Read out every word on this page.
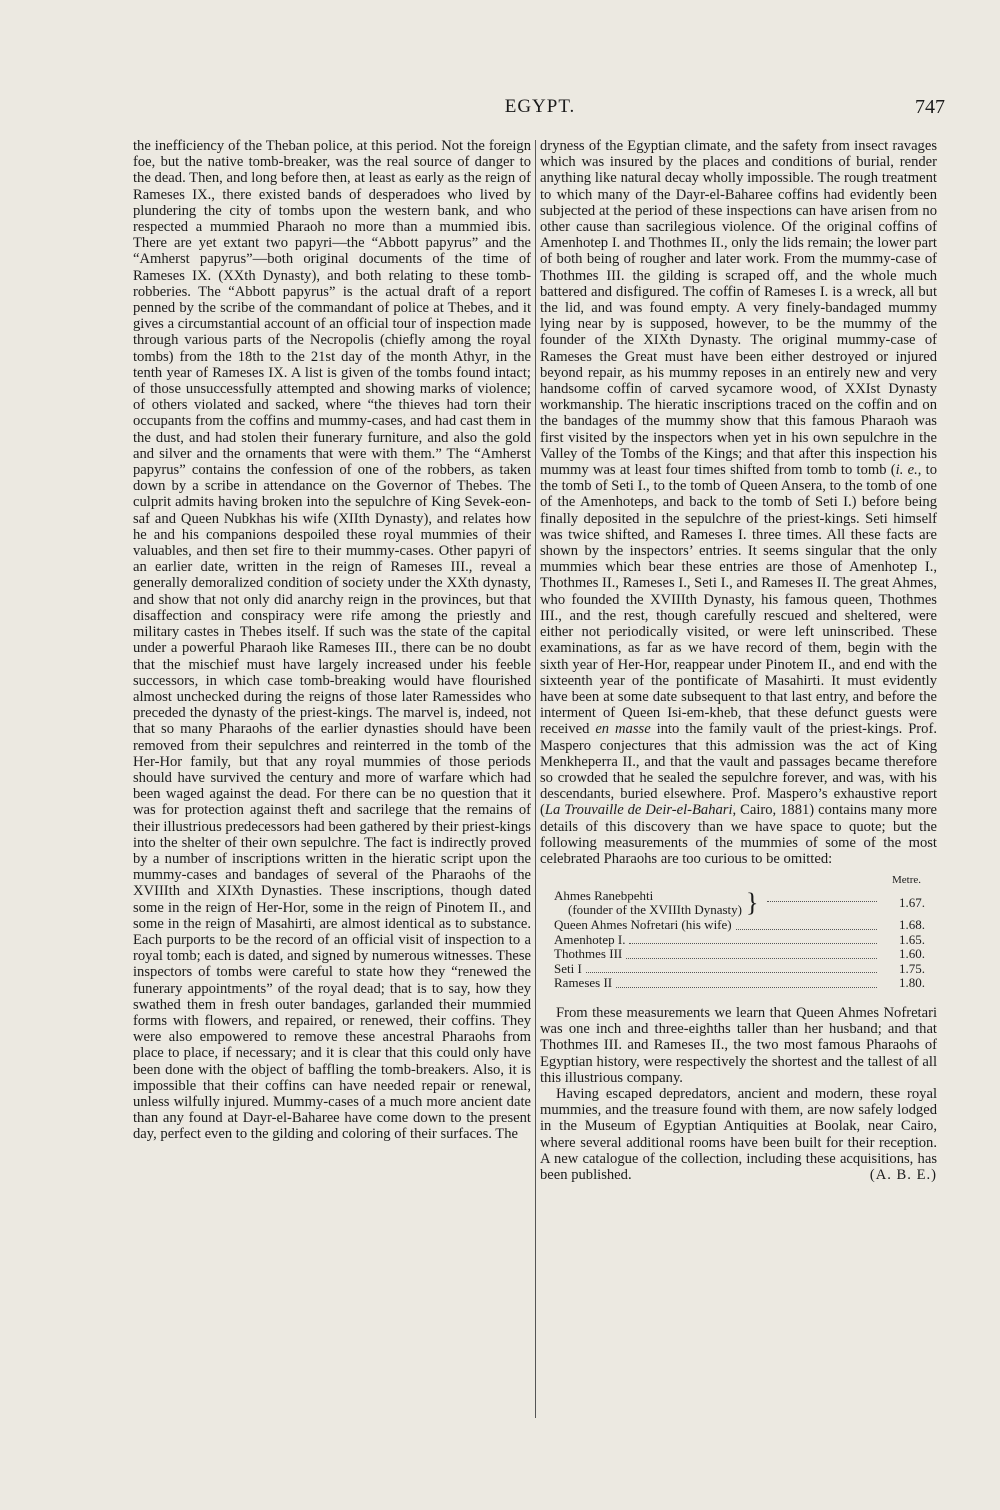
EGYPT.	747

the inefficiency of the Theban police, at this period. Not the foreign foe, but the native tomb-breaker, was the real source of danger to the dead. Then, and long before then, at least as early as the reign of Rameses IX., there existed bands of desperadoes who lived by plundering the city of tombs upon the western bank, and who respected a mummied Pharaoh no more than a mummied ibis. There are yet extant two papyri—the “Abbott papyrus” and the “Amherst papyrus”—both original documents of the time of Rameses IX. (XXth Dynasty), and both relating to these tomb-robberies. The “Abbott papyrus” is the actual draft of a report penned by the scribe of the commandant of police at Thebes, and it gives a circumstantial account of an official tour of inspection made through various parts of the Necropolis (chiefly among the royal tombs) from the 18th to the 21st day of the month Athyr, in the tenth year of Rameses IX. A list is given of the tombs found intact; of those unsuccessfully attempted and showing marks of violence; of others violated and sacked, where “the thieves had torn their occupants from the coffins and mummy-cases, and had cast them in the dust, and had stolen their funerary furniture, and also the gold and silver and the ornaments that were with them.” The “Amherst papyrus” contains the confession of one of the robbers, as taken down by a scribe in attendance on the Governor of Thebes. The culprit admits having broken into the sepulchre of King Sevek-eon-saf and Queen Nubkhas his wife (XIIth Dynasty), and relates how he and his companions despoiled these royal mummies of their valuables, and then set fire to their mummy-cases. Other papyri of an earlier date, written in the reign of Rameses III., reveal a generally demoralized condition of society under the XXth dynasty, and show that not only did anarchy reign in the provinces, but that disaffection and conspiracy were rife among the priestly and military castes in Thebes itself. If such was the state of the capital under a powerful Pharaoh like Rameses III., there can be no doubt that the mischief must have largely increased under his feeble successors, in which case tomb-breaking would have flourished almost unchecked during the reigns of those later Ramessides who preceded the dynasty of the priest-kings. The marvel is, indeed, not that so many Pharaohs of the earlier dynasties should have been removed from their sepulchres and reinterred in the tomb of the Her-Hor family, but that any royal mummies of those periods should have survived the century and more of warfare which had been waged against the dead. For there can be no question that it was for protection against theft and sacrilege that the remains of their illustrious predecessors had been gathered by their priest-kings into the shelter of their own sepulchre. The fact is indirectly proved by a number of inscriptions written in the hieratic script upon the mummy-cases and bandages of several of the Pharaohs of the XVIIIth and XIXth Dynasties. These inscriptions, though dated some in the reign of Her-Hor, some in the reign of Pinotem II., and some in the reign of Masahirti, are almost identical as to substance. Each purports to be the record of an official visit of inspection to a royal tomb; each is dated, and signed by numerous witnesses. These inspectors of tombs were careful to state how they “renewed the funerary appointments” of the royal dead; that is to say, how they swathed them in fresh outer bandages, garlanded their mummied forms with flowers, and repaired, or renewed, their coffins. They were also empowered to remove these ancestral Pharaohs from place to place, if necessary; and it is clear that this could only have been done with the object of baffling the tomb-breakers. Also, it is impossible that their coffins can have needed repair or renewal, unless wilfully injured. Mummy-cases of a much more ancient date than any found at Dayr-el-Baharee have come down to the present day, perfect even to the gilding and coloring of their surfaces. The

dryness of the Egyptian climate, and the safety from insect ravages which was insured by the places and conditions of burial, render anything like natural decay wholly impossible. The rough treatment to which many of the Dayr-el-Baharee coffins had evidently been subjected at the period of these inspections can have arisen from no other cause than sacrilegious violence. Of the original coffins of Amenhotep I. and Thothmes II., only the lids remain; the lower part of both being of rougher and later work. From the mummy-case of Thothmes III. the gilding is scraped off, and the whole much battered and disfigured. The coffin of Rameses I. is a wreck, all but the lid, and was found empty. A very finely-bandaged mummy lying near by is supposed, however, to be the mummy of the founder of the XIXth Dynasty. The original mummy-case of Rameses the Great must have been either destroyed or injured beyond repair, as his mummy reposes in an entirely new and very handsome coffin of carved sycamore wood, of XXIst Dynasty workmanship. The hieratic inscriptions traced on the coffin and on the bandages of the mummy show that this famous Pharaoh was first visited by the inspectors when yet in his own sepulchre in the Valley of the Tombs of the Kings; and that after this inspection his mummy was at least four times shifted from tomb to tomb (i. e., to the tomb of Seti I., to the tomb of Queen Ansera, to the tomb of one of the Amenhoteps, and back to the tomb of Seti I.) before being finally deposited in the sepulchre of the priest-kings. Seti himself was twice shifted, and Rameses I. three times. All these facts are shown by the inspectors’ entries. It seems singular that the only mummies which bear these entries are those of Amenhotep I., Thothmes II., Rameses I., Seti I., and Rameses II. The great Ahmes, who founded the XVIIIth Dynasty, his famous queen, Thothmes III., and the rest, though carefully rescued and sheltered, were either not periodically visited, or were left uninscribed. These examinations, as far as we have record of them, begin with the sixth year of Her-Hor, reappear under Pinotem II., and end with the sixteenth year of the pontificate of Masahirti. It must evidently have been at some date subsequent to that last entry, and before the interment of Queen Isi-em-kheb, that these defunct guests were received en masse into the family vault of the priest-kings. Prof. Maspero conjectures that this admission was the act of King Menkheperra II., and that the vault and passages became therefore so crowded that he sealed the sepulchre forever, and was, with his descendants, buried elsewhere. Prof. Maspero’s exhaustive report (La Trouvaille de Deir-el-Bahari, Cairo, 1881) contains many more details of this discovery than we have space to quote; but the following measurements of the mummies of some of the most celebrated Pharaohs are too curious to be omitted:

Metre.
Ahmes Ranebpehti
(founder of the XVIIIth Dynasty) }	1.67.
Queen Ahmes Nofretari (his wife)	1.68.
Amenhotep I.	1.65.
Thothmes III	1.60.
Seti I	1.75.
Rameses II	1.80.

From these measurements we learn that Queen Ahmes Nofretari was one inch and three-eighths taller than her husband; and that Thothmes III. and Rameses II., the two most famous Pharaohs of Egyptian history, were respectively the shortest and the tallest of all this illustrious company.

Having escaped depredators, ancient and modern, these royal mummies, and the treasure found with them, are now safely lodged in the Museum of Egyptian Antiquities at Boolak, near Cairo, where several additional rooms have been built for their reception. A new catalogue of the collection, including these acquisitions, has been published.	(A. B. E.)
